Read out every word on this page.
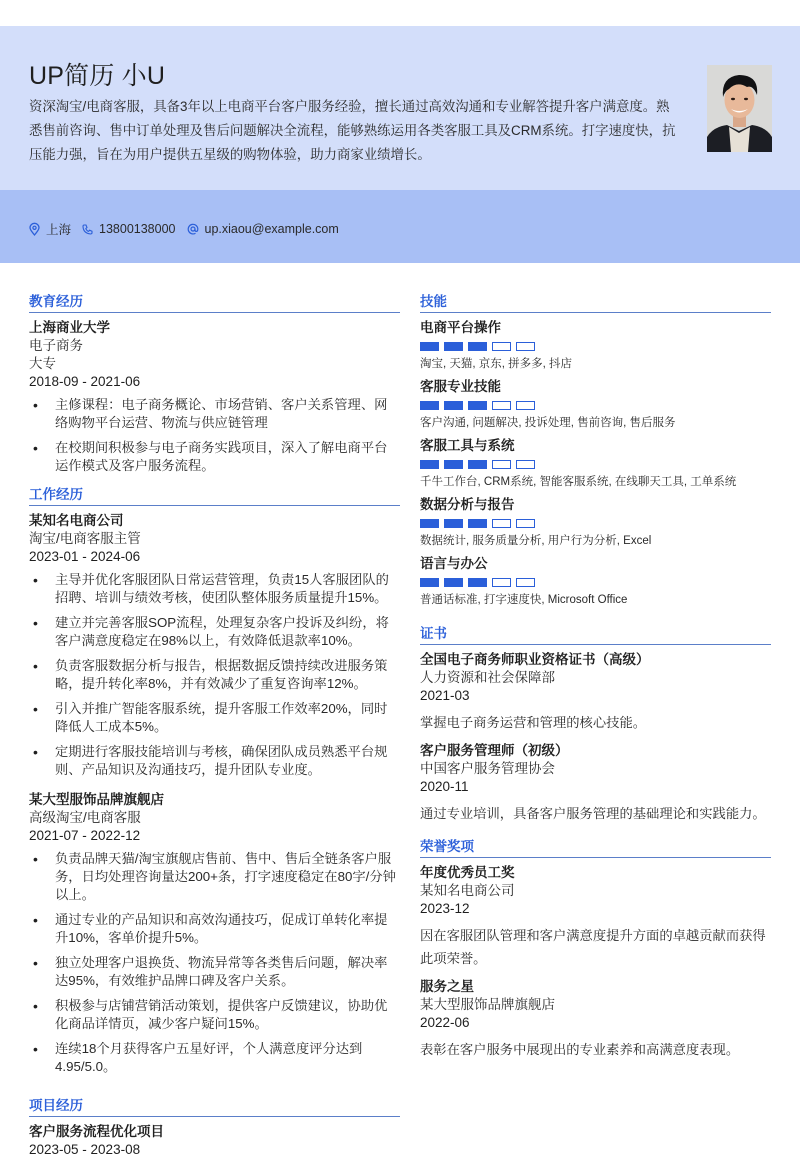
UP简历 小U
资深淘宝/电商客服，具备3年以上电商平台客户服务经验，擅长通过高效沟通和专业解答提升客户满意度。熟悉售前咨询、售中订单处理及售后问题解决全流程，能够熟练运用各类客服工具及CRM系统。打字速度快，抗压能力强，旨在为用户提供五星级的购物体验，助力商家业绩增长。
上海 13800138000 up.xiaou@example.com
教育经历
上海商业大学
电子商务
大专
2018-09 - 2021-06
• 主修课程：电子商务概论、市场营销、客户关系管理、网络购物平台运营、物流与供应链管理
• 在校期间积极参与电子商务实践项目，深入了解电商平台运作模式及客户服务流程。
工作经历
某知名电商公司
淘宝/电商客服主管
2023-01 - 2024-06
• 主导并优化客服团队日常运营管理，负责15人客服团队的招聘、培训与绩效考核，使团队整体服务质量提升15%。
• 建立并完善客服SOP流程，处理复杂客户投诉及纠纷，将客户满意度稳定在98%以上，有效降低退款率10%。
• 负责客服数据分析与报告，根据数据反馈持续改进服务策略，提升转化率8%，并有效减少了重复咨询率12%。
• 引入并推广智能客服系统，提升客服工作效率20%，同时降低人工成本5%。
• 定期进行客服技能培训与考核，确保团队成员熟悉平台规则、产品知识及沟通技巧，提升团队专业度。
某大型服饰品牌旗舰店
高级淘宝/电商客服
2021-07 - 2022-12
• 负责品牌天猫/淘宝旗舰店售前、售中、售后全链条客户服务，日均处理咨询量达200+条，打字速度稳定在80字/分钟以上。
• 通过专业的产品知识和高效沟通技巧，促成订单转化率提升10%，客单价提升5%。
• 独立处理客户退换货、物流异常等各类售后问题，解决率达95%，有效维护品牌口碑及客户关系。
• 积极参与店铺营销活动策划，提供客户反馈建议，协助优化商品详情页，减少客户疑问15%。
• 连续18个月获得客户五星好评，个人满意度评分达到4.95/5.0。
项目经历
客户服务流程优化项目
2023-05 - 2023-08
技能
电商平台操作
淘宝, 天猫, 京东, 拼多多, 抖店
客服专业技能
客户沟通, 问题解决, 投诉处理, 售前咨询, 售后服务
客服工具与系统
千牛工作台, CRM系统, 智能客服系统, 在线聊天工具, 工单系统
数据分析与报告
数据统计, 服务质量分析, 用户行为分析, Excel
语言与办公
普通话标准, 打字速度快, Microsoft Office
证书
全国电子商务师职业资格证书（高级）
人力资源和社会保障部
2021-03
掌握电子商务运营和管理的核心技能。
客户服务管理师（初级）
中国客户服务管理协会
2020-11
通过专业培训，具备客户服务管理的基础理论和实践能力。
荣誉奖项
年度优秀员工奖
某知名电商公司
2023-12
因在客服团队管理和客户满意度提升方面的卓越贡献而获得此项荣誉。
服务之星
某大型服饰品牌旗舰店
2022-06
表彰在客户服务中展现出的专业素养和高满意度表现。
